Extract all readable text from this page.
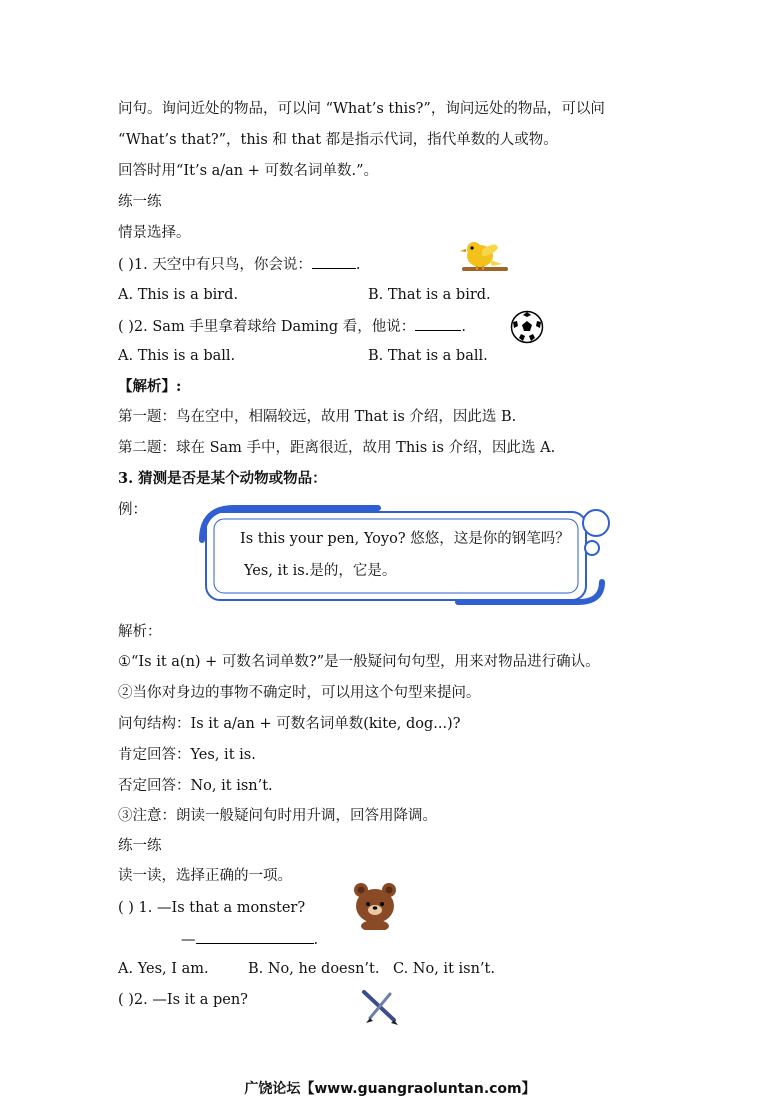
问句。询问近处的物品，可以问 “What’s this?”，询问远处的物品，可以问
“What’s that?”，this 和 that 都是指示代词，指代单数的人或物。
回答时用“It’s a/an + 可数名词单数.”。
练一练
情景选择。
( )1. 天空中有只鸟，你会说：	.
A. This is a bird.	B. That is a bird.
( )2. Sam 手里拿着球给 Daming 看，他说：	.
A. This is a ball.	B. That is a ball.
【解析】:
第一题：鸟在空中，相隔较远，故用 That is 介绍，因此选 B.
第二题：球在 Sam 手中，距离很近，故用 This is 介绍，因此选 A.
3. 猜测是否是某个动物或物品：
例：
Is this your pen, Yoyo? 悠悠，这是你的钢笔吗？
Yes, it is.是的，它是。
解析：
①“Is it a(n) + 可数名词单数?”是一般疑问句句型，用来对物品进行确认。
②当你对身边的事物不确定时，可以用这个句型来提问。
问句结构：Is it a/an + 可数名词单数(kite, dog...)?
肯定回答：Yes, it is.
否定回答：No, it isn’t.
③注意：朗读一般疑问句时用升调，回答用降调。
练一练
读一读，选择正确的一项。
( ) 1. —Is that a monster?
—	.
A. Yes, I am.	B. No, he doesn’t. C. No, it isn’t.
( )2. —Is it a pen?
广饶论坛【www.guangraoluntan.com】
